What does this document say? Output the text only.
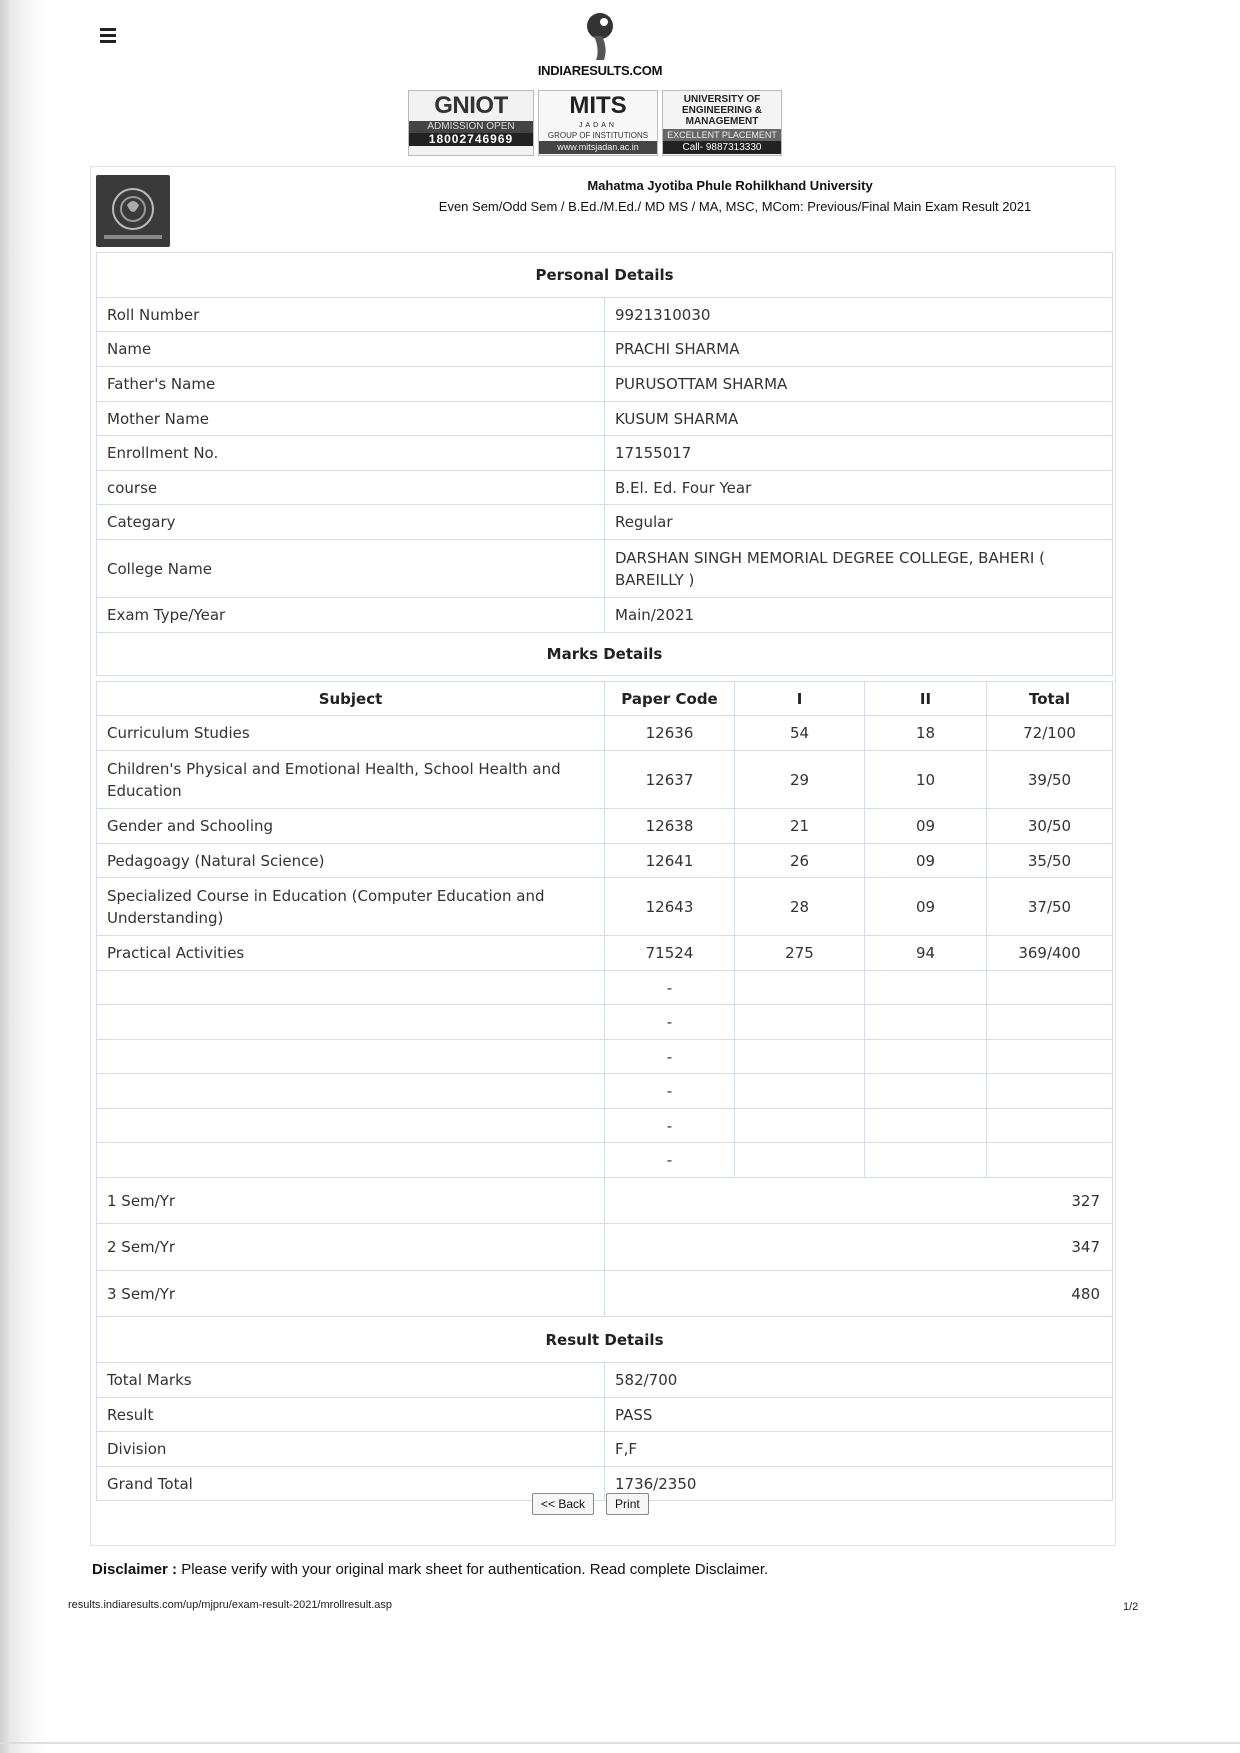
INDIARESULTS.COM
GNIOT
ADMISSION OPEN
18002746969
MITS
JADAN
GROUP OF INSTITUTIONS
www.mitsjadan.ac.in
UNIVERSITY OF ENGINEERING & MANAGEMENT
EXCELLENT PLACEMENT
Call- 9887313330
Mahatma Jyotiba Phule Rohilkhand University
Even Sem/Odd Sem / B.Ed./M.Ed./ MD MS / MA, MSC, MCom: Previous/Final Main Exam Result 2021
Personal Details	
Roll Number	9921310030
Name	PRACHI SHARMA
Father's Name	PURUSOTTAM SHARMA
Mother Name	KUSUM SHARMA
Enrollment No.	17155017
course	B.El. Ed. Four Year
Categary	Regular
College Name	DARSHAN SINGH MEMORIAL DEGREE COLLEGE, BAHERI ( BAREILLY )
Exam Type/Year	Main/2021
Marks Details	
Subject	Paper Code	I	II	Total
Curriculum Studies	12636	54	18	72/100
Children's Physical and Emotional Health, School Health and Education	12637	29	10	39/50
Gender and Schooling	12638	21	09	30/50
Pedagoagy (Natural Science)	12641	26	09	35/50
Specialized Course in Education (Computer Education and Understanding)	12643	28	09	37/50
Practical Activities	71524	275	94	369/400
	-			
	-			
	-			
	-			
	-			
	-			
1 Sem/Yr	327
2 Sem/Yr	347
3 Sem/Yr	480
Result Details	
Total Marks	582/700
Result	PASS
Division	F,F
Grand Total	1736/2350
<< Back	Print
Disclaimer : Please verify with your original mark sheet for authentication. Read complete Disclaimer.
results.indiaresults.com/up/mjpru/exam-result-2021/mrollresult.asp	1/2
